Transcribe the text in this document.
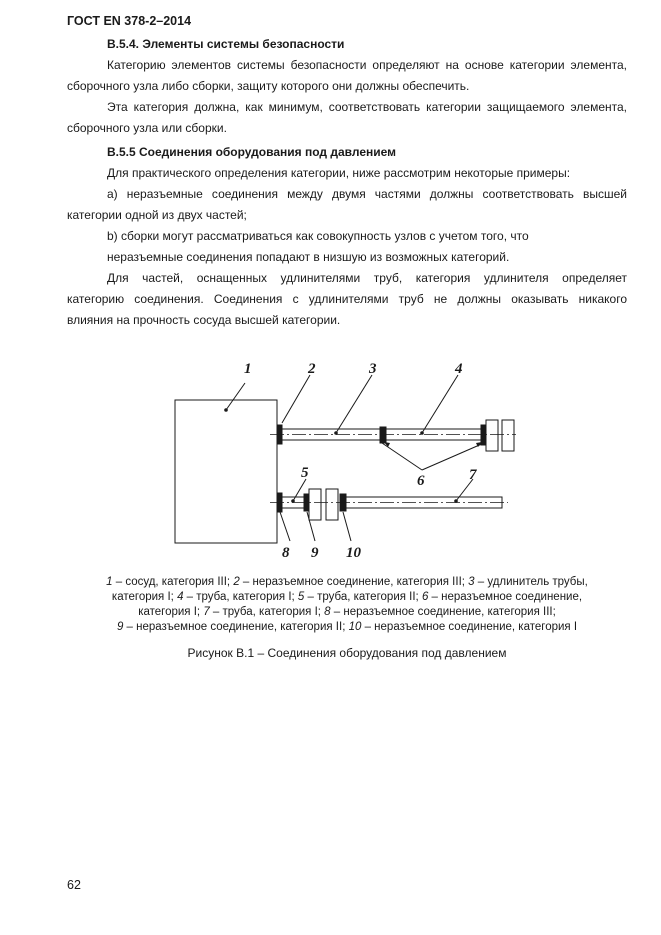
ГОСТ EN 378-2–2014

В.5.4. Элементы системы безопасности

Категорию элементов системы безопасности определяют на основе категории элемента,
сборочного узла либо сборки, защиту которого они должны обеспечить.

Эта категория должна, как минимум, соответствовать категории защищаемого элемента,
сборочного узла или сборки.

В.5.5 Соединения оборудования под давлением

Для практического определения категории, ниже рассмотрим некоторые примеры:

а) неразъемные соединения между двумя частями должны соответствовать высшей
категории одной из двух частей;

b) сборки могут рассматриваться как совокупность узлов с учетом того, что
неразъемные соединения попадают в низшую из возможных категорий.

Для частей, оснащенных удлинителями труб, категория удлинителя определяет
категорию соединения. Соединения с удлинителями труб не должны оказывать никакого
влияния на прочность сосуда высшей категории.

1	2	3	4
5	6	7
8 9 10
1 – сосуд, категория III; 2 – неразъемное соединение, категория III; 3 – удлинитель трубы,
категория I; 4 – труба, категория I; 5 – труба, категория II; 6 – неразъемное соединение,
категория I; 7 – труба, категория I; 8 – неразъемное соединение, категория III;
9 – неразъемное соединение, категория II; 10 – неразъемное соединение, категория I
Рисунок В.1 – Соединения оборудования под давлением
62
